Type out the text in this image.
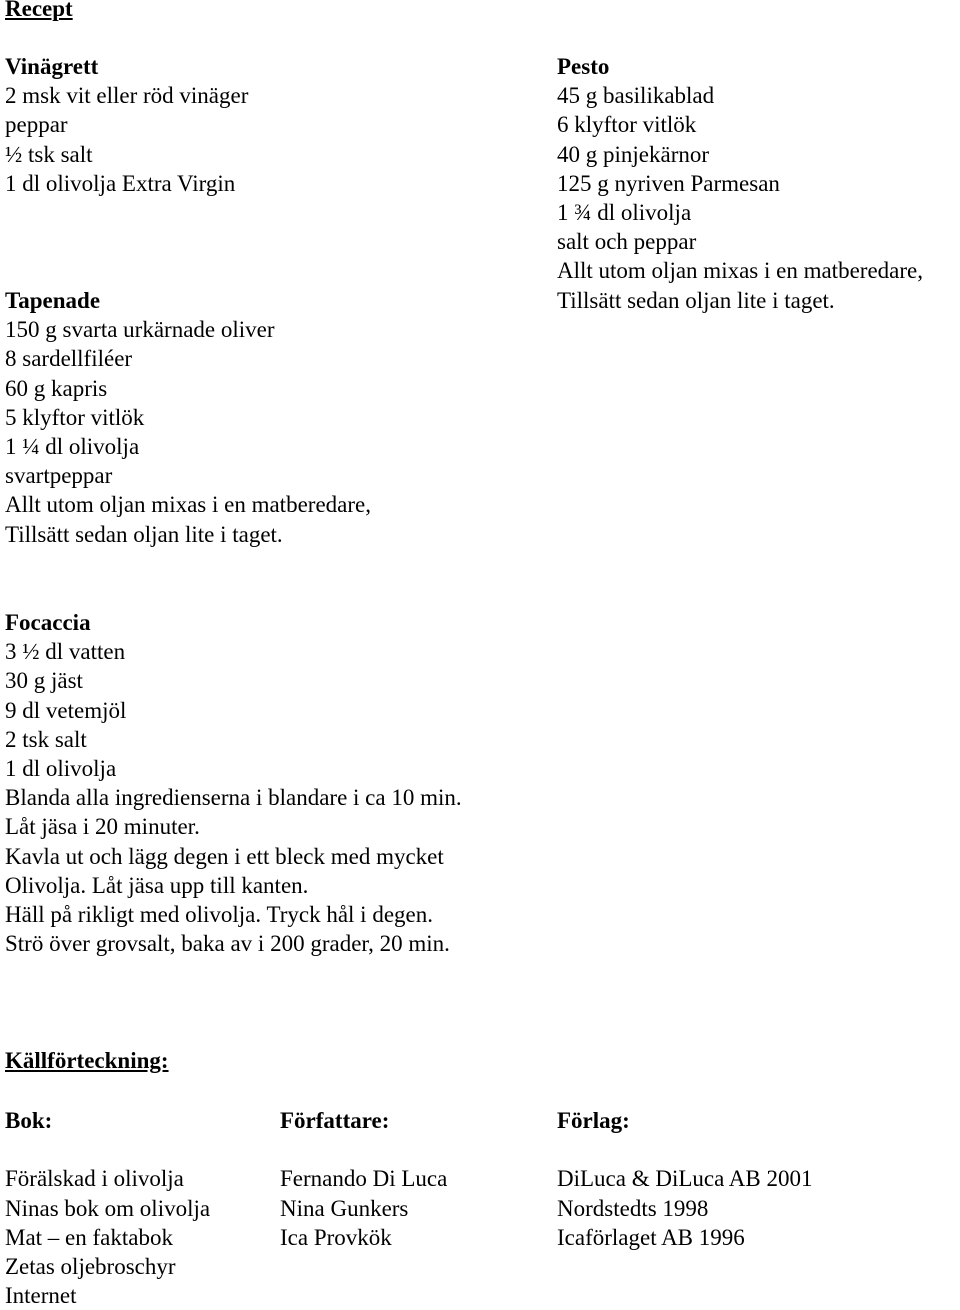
Recept
Vinägrett
2 msk vit eller röd vinäger
peppar
½ tsk salt
1 dl olivolja Extra Virgin
Pesto
45 g basilikablad
6 klyftor vitlök
40 g pinjekärnor
125 g nyriven Parmesan
1 ¾ dl olivolja
salt och peppar
Allt utom oljan mixas i en matberedare,
Tillsätt sedan oljan lite i taget.
Tapenade
150 g svarta urkärnade oliver
8 sardellfiléer
60 g kapris
5 klyftor vitlök
1 ¼ dl olivolja
svartpeppar
Allt utom oljan mixas i en matberedare,
Tillsätt sedan oljan lite i taget.
Focaccia
3 ½ dl vatten
30 g jäst
9 dl vetemjöl
2 tsk salt
1 dl olivolja
Blanda alla ingredienserna i blandare i ca 10 min.
Låt jäsa i 20 minuter.
Kavla ut och lägg degen i ett bleck med mycket
Olivolja. Låt jäsa upp till kanten.
Häll på rikligt med olivolja. Tryck hål i degen.
Strö över grovsalt, baka av i 200 grader, 20 min.
Källförteckning:
Bok:
Förälskad i olivolja
Ninas bok om olivolja
Mat – en faktabok
Zetas oljebroschyr
Internet
Författare:
Fernando Di Luca
Nina Gunkers
Ica Provkök
Förlag:
DiLuca & DiLuca AB 2001
Nordstedts 1998
Icaförlaget AB 1996
